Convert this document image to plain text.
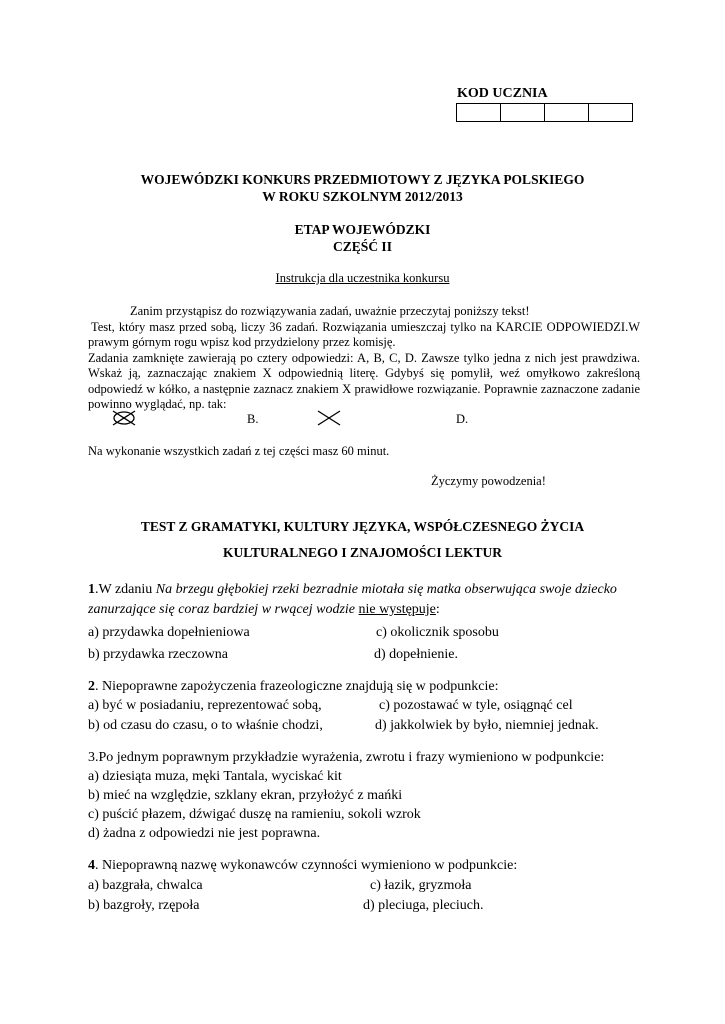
KOD UCZNIA
WOJEWÓDZKI KONKURS PRZEDMIOTOWY Z JĘZYKA POLSKIEGO
W ROKU SZKOLNYM 2012/2013
ETAP WOJEWÓDZKI
CZĘŚĆ II
Instrukcja dla uczestnika konkursu

Zanim przystąpisz do rozwiązywania zadań, uważnie przeczytaj poniższy tekst!

Test, który masz przed sobą, liczy 36 zadań. Rozwiązania umieszczaj tylko na KARCIE ODPOWIEDZI.W prawym górnym rogu wpisz kod przydzielony przez komisję.

Zadania zamknięte zawierają po cztery odpowiedzi: A, B, C, D. Zawsze tylko jedna z nich jest prawdziwa. Wskaż ją, zaznaczając znakiem X odpowiednią literę. Gdybyś się pomylił, weź omyłkowo zakreśloną odpowiedź w kółko, a następnie zaznacz znakiem X prawidłowe rozwiązanie. Poprawnie zaznaczone zadanie powinno wyglądać, np. tak:

B.	D.
Na wykonanie wszystkich zadań z tej części masz 60 minut.
Życzymy powodzenia!
TEST Z GRAMATYKI, KULTURY JĘZYKA, WSPÓŁCZESNEGO ŻYCIA
KULTURALNEGO I ZNAJOMOŚCI LEKTUR
1.W zdaniu Na brzegu głębokiej rzeki bezradnie miotała się matka obserwująca swoje dziecko zanurzające się coraz bardziej w rwącej wodzie nie występuje:
a) przydawka dopełnieniowa	c) okolicznik sposobu
b) przydawka rzeczowna	d) dopełnienie.
2. Niepoprawne zapożyczenia frazeologiczne znajdują się w podpunkcie:
a) być w posiadaniu, reprezentować sobą,	c) pozostawać w tyle, osiągnąć cel
b) od czasu do czasu, o to właśnie chodzi,	d) jakkolwiek by było, niemniej jednak.
3.Po jednym poprawnym przykładzie wyrażenia, zwrotu i frazy wymieniono w podpunkcie:
a) dziesiąta muza, męki Tantala, wyciskać kit
b) mieć na względzie, szklany ekran, przyłożyć z mańki
c) puścić płazem, dźwigać duszę na ramieniu, sokoli wzrok
d) żadna z odpowiedzi nie jest poprawna.
4. Niepoprawną nazwę wykonawców czynności wymieniono w podpunkcie:
a) bazgrała, chwalca	c) łazik, gryzmoła
b) bazgroły, rzępoła	d) pleciuga, pleciuch.
